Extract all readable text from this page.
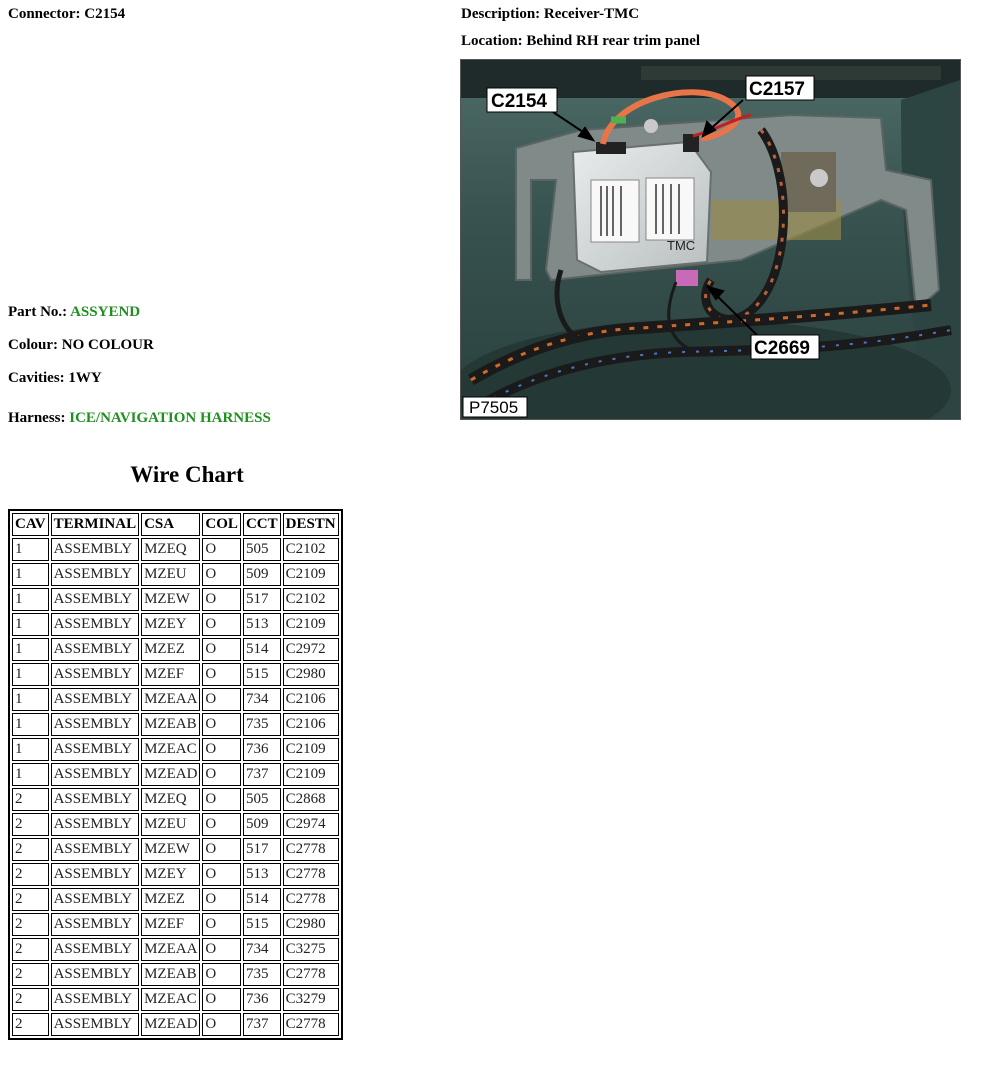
Connector: C2154	Description: Receiver-TMC
Location: Behind RH rear trim panel
Part No.: ASSYEND
Colour: NO COLOUR
Cavities: 1WY
Harness: ICE/NAVIGATION HARNESS
TMC
C2154
C2157
C2669
P7505
Wire Chart
CAV	TERMINAL	CSA	COL	CCT	DESTN
1	ASSEMBLY	MZEQ	O	505	C2102
1	ASSEMBLY	MZEU	O	509	C2109
1	ASSEMBLY	MZEW	O	517	C2102
1	ASSEMBLY	MZEY	O	513	C2109
1	ASSEMBLY	MZEZ	O	514	C2972
1	ASSEMBLY	MZEF	O	515	C2980
1	ASSEMBLY	MZEAA	O	734	C2106
1	ASSEMBLY	MZEAB	O	735	C2106
1	ASSEMBLY	MZEAC	O	736	C2109
1	ASSEMBLY	MZEAD	O	737	C2109
2	ASSEMBLY	MZEQ	O	505	C2868
2	ASSEMBLY	MZEU	O	509	C2974
2	ASSEMBLY	MZEW	O	517	C2778
2	ASSEMBLY	MZEY	O	513	C2778
2	ASSEMBLY	MZEZ	O	514	C2778
2	ASSEMBLY	MZEF	O	515	C2980
2	ASSEMBLY	MZEAA	O	734	C3275
2	ASSEMBLY	MZEAB	O	735	C2778
2	ASSEMBLY	MZEAC	O	736	C3279
2	ASSEMBLY	MZEAD	O	737	C2778
